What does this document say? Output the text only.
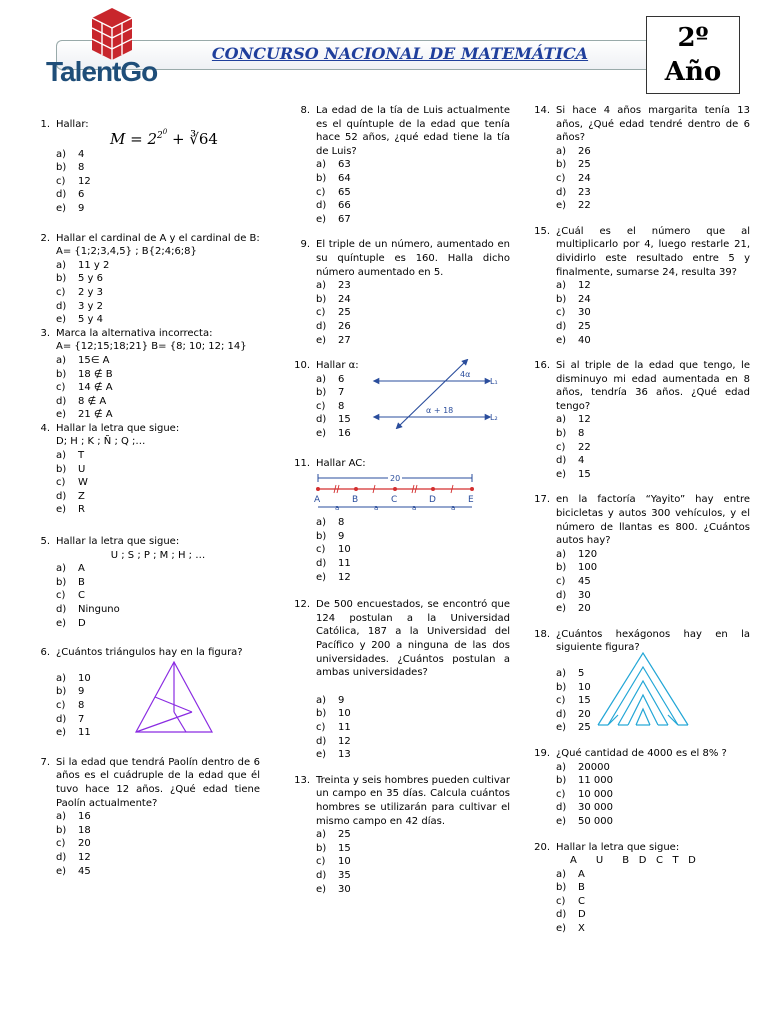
TalentGo
CONCURSO NACIONAL DE MATEMÁTICA
2º
Año
1. Hallar:
$M = 2^{2^0}$ + ∛64
a) 4
b) 8
c) 12
d) 6
e) 9
2. Hallar el cardinal de A y el cardinal de B:
A= {1;2;3,4,5} ; B{2;4;6;8}
a) 11 y 2
b) 5 y 6
c) 2 y 3
d) 3 y 2
e) 5 y 4
3. Marca la alternativa incorrecta:
A= {12;15;18;21} B= {8; 10; 12; 14}
a) 15∈ A
b) 18 ∉ B
c) 14 ∉ A
d) 8 ∉ A
e) 21 ∉ A
4. Hallar la letra que sigue:
D; H ; K ; Ñ ; Q ;…
a) T
b) U
c) W
d) Z
e) R
5. Hallar la letra que sigue:
U ; S ; P ; M ; H ; …
a) A
b) B
c) C
d) Ninguno
e) D
6. ¿Cuántos triángulos hay en la figura?
a) 10
b) 9
c) 8
d) 7
e) 11
7. Si la edad que tendrá Paolín dentro de 6 años es el cuádruple de la edad que él tuvo hace 12 años. ¿Qué edad tiene Paolín actualmente?
a) 16
b) 18
c) 20
d) 12
e) 45
8. La edad de la tía de Luis actualmente es el quíntuple de la edad que tenía hace 52 años, ¿qué edad tiene la tía de Luis?
a) 63
b) 64
c) 65
d) 66
e) 67
9. El triple de un número, aumentado en su quíntuple es 160. Halla dicho número aumentado en 5.
a) 23
b) 24
c) 25
d) 26
e) 27
10. Hallar α:
a) 6
b) 7
c) 8
d) 15
e) 16
4α
α + 18
L₁
L₂
11. Hallar AC:
20
A	B	C	D	E
a	a	a	a
a) 8
b) 9
c) 10
d) 11
e) 12
12. De 500 encuestados, se encontró que 124 postulan a la Universidad Católica, 187 a la Universidad del Pacífico y 200 a ninguna de las dos universidades. ¿Cuántos postulan a ambas universidades?
a) 9
b) 10
c) 11
d) 12
e) 13
13. Treinta y seis hombres pueden cultivar un campo en 35 días. Calcula cuántos hombres se utilizarán para cultivar el mismo campo en 42 días.
a) 25
b) 15
c) 10
d) 35
e) 30
14. Si hace 4 años margarita tenía 13 años, ¿Qué edad tendré dentro de 6 años?
a) 26
b) 25
c) 24
d) 23
e) 22
15. ¿Cuál es el número que al multiplicarlo por 4, luego restarle 21, dividirlo este resultado entre 5 y finalmente, sumarse 24, resulta 39?
a) 12
b) 24
c) 30
d) 25
e) 40
16. Si al triple de la edad que tengo, le disminuyo mi edad aumentada en 8 años, tendría 36 años. ¿Qué edad tengo?
a) 12
b) 8
c) 22
d) 4
e) 15
17. en la factoría “Yayito” hay entre bicicletas y autos 300 vehículos, y el número de llantas es 800. ¿Cuántos autos hay?
a) 120
b) 100
c) 45
d) 30
e) 20
18. ¿Cuántos hexágonos hay en la siguiente figura?
a) 5
b) 10
c) 15
d) 20
e) 25
19. ¿Qué cantidad de 4000 es el 8% ?
a) 20000
b) 11 000
c) 10 000
d) 30 000
e) 50 000
20. Hallar la letra que sigue:
A      U      B   D   C   T   D
a) A
b) B
c) C
d) D
e) X
